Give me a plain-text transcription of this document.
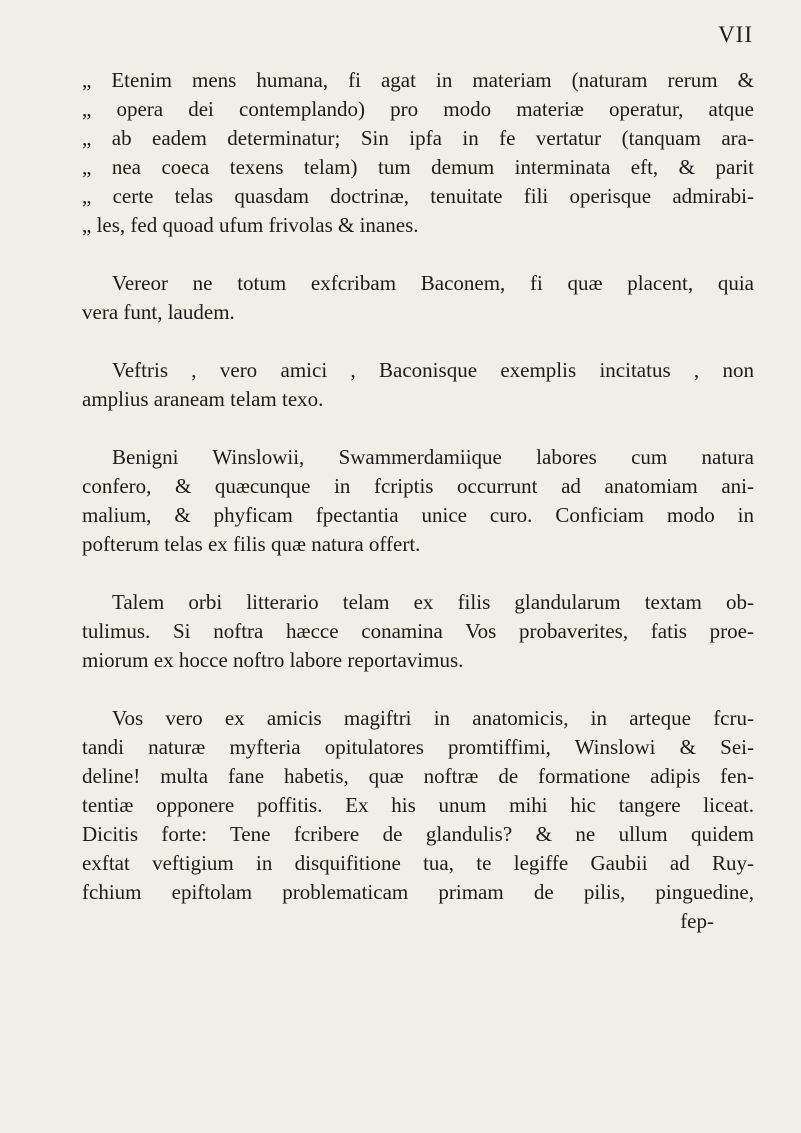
VII
„ Etenim mens humana, fi agat in materiam (naturam rerum &
„ opera dei contemplando) pro modo materiæ operatur, atque
„ ab eadem determinatur; Sin ipfa in fe vertatur (tanquam ara-
„ nea coeca texens telam) tum demum interminata eft, & parit
„ certe telas quasdam doctrinæ, tenuitate fili operisque admirabi-
„ les, fed quoad ufum frivolas & inanes.
Vereor ne totum exfcribam Baconem, fi quæ placent, quia
vera funt, laudem.
Veftris , vero amici , Baconisque exemplis incitatus , non
amplius araneam telam texo.
Benigni Winslowii, Swammerdamiique labores cum natura
confero, & quæcunque in fcriptis occurrunt ad anatomiam ani-
malium, & phyficam fpectantia unice curo. Conficiam modo in
pofterum telas ex filis quæ natura offert.
Talem orbi litterario telam ex filis glandularum textam ob-
tulimus. Si noftra hæcce conamina Vos probaverites, fatis proe-
miorum ex hocce noftro labore reportavimus.
Vos vero ex amicis magiftri in anatomicis, in arteque fcru-
tandi naturæ myfteria opitulatores promtiffimi, Winslowi & Sei-
deline! multa fane habetis, quæ noftræ de formatione adipis fen-
tentiæ opponere poffitis. Ex his unum mihi hic tangere liceat.
Dicitis forte: Tene fcribere de glandulis? & ne ullum quidem
exftat veftigium in disquifitione tua, te legiffe Gaubii ad Ruy-
fchium epiftolam problematicam primam de pilis, pinguedine,
fep-
